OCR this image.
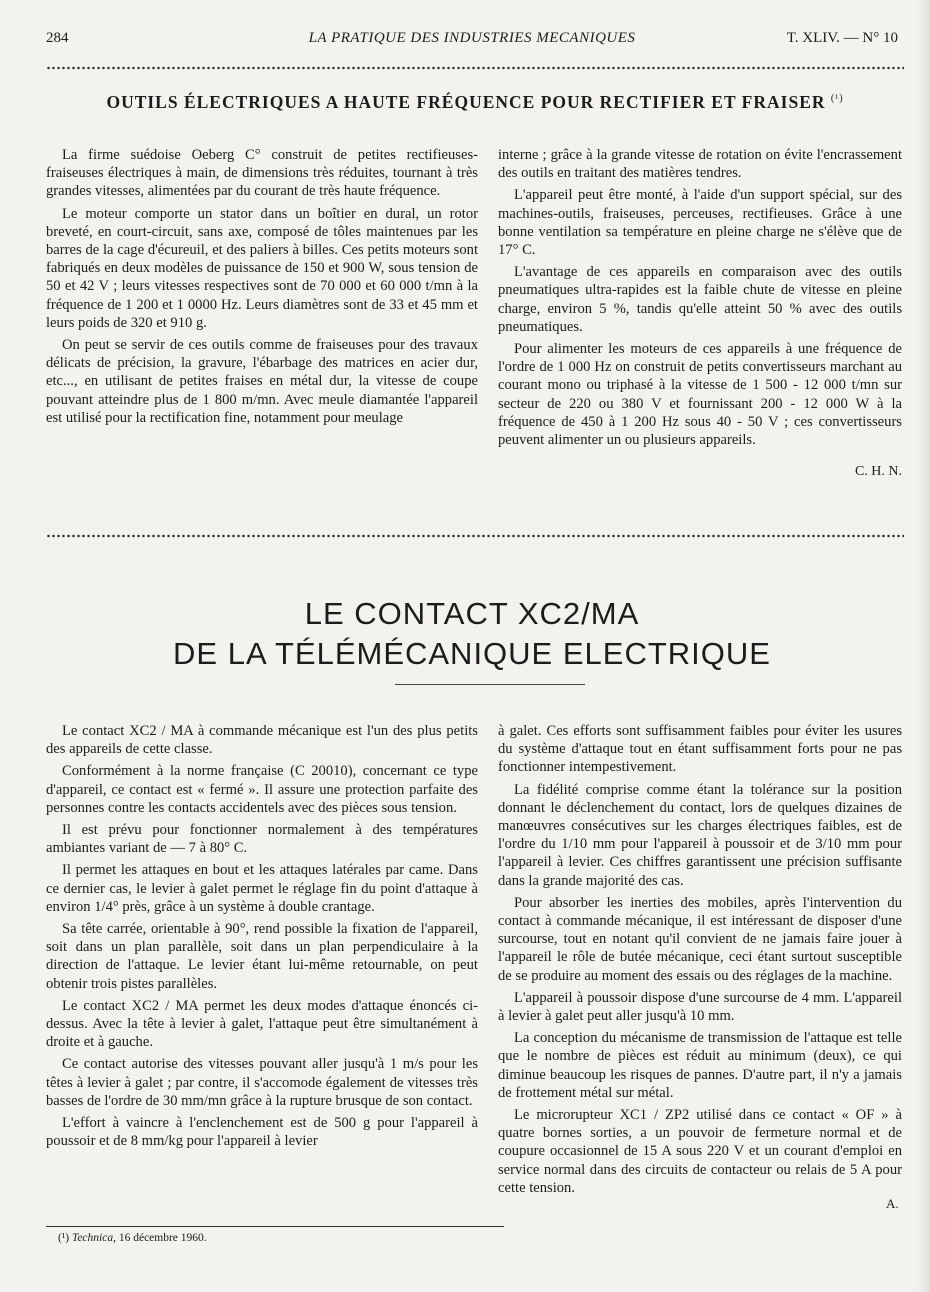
284	LA PRATIQUE DES INDUSTRIES MECANIQUES	T. XLIV. — N° 10
OUTILS ÉLECTRIQUES A HAUTE FRÉQUENCE POUR RECTIFIER ET FRAISER $^{(^1)}$

La firme suédoise Oeberg C° construit de petites rectifieuses-fraiseuses électriques à main, de dimensions très réduites, tournant à très grandes vitesses, alimentées par du courant de très haute fréquence.

Le moteur comporte un stator dans un boîtier en dural, un rotor breveté, en court-circuit, sans axe, composé de tôles maintenues par les barres de la cage d'écureuil, et des paliers à billes. Ces petits moteurs sont fabriqués en deux modèles de puissance de 150 et 900 W, sous tension de 50 et 42 V ; leurs vitesses respectives sont de 70 000 et 60 000 t/mn à la fréquence de 1 200 et 1 0000 Hz. Leurs diamètres sont de 33 et 45 mm et leurs poids de 320 et 910 g.

On peut se servir de ces outils comme de fraiseuses pour des travaux délicats de précision, la gravure, l'ébarbage des matrices en acier dur, etc..., en utilisant de petites fraises en métal dur, la vitesse de coupe pouvant atteindre plus de 1 800 m/mn. Avec meule diamantée l'appareil est utilisé pour la rectification fine, notamment pour meulage

interne ; grâce à la grande vitesse de rotation on évite l'encrassement des outils en traitant des matières tendres.

L'appareil peut être monté, à l'aide d'un support spécial, sur des machines-outils, fraiseuses, perceuses, rectifieuses. Grâce à une bonne ventilation sa température en pleine charge ne s'élève que de 17° C.

L'avantage de ces appareils en comparaison avec des outils pneumatiques ultra-rapides est la faible chute de vitesse en pleine charge, environ 5 %, tandis qu'elle atteint 50 % avec des outils pneumatiques.

Pour alimenter les moteurs de ces appareils à une fréquence de l'ordre de 1 000 Hz on construit de petits convertisseurs marchant au courant mono ou triphasé à la vitesse de 1 500 - 12 000 t/mn sur secteur de 220 ou 380 V et fournissant 200 - 12 000 W à la fréquence de 450 à 1 200 Hz sous 40 - 50 V ; ces convertisseurs peuvent alimenter un ou plusieurs appareils.

C. H. N.
LE CONTACT XC2/MA
DE LA TÉLÉMÉCANIQUE ELECTRIQUE

Le contact XC2 / MA à commande mécanique est l'un des plus petits des appareils de cette classe.

Conformément à la norme française (C 20010), concernant ce type d'appareil, ce contact est « fermé ». Il assure une protection parfaite des personnes contre les contacts accidentels avec des pièces sous tension.

Il est prévu pour fonctionner normalement à des températures ambiantes variant de — 7 à 80° C.

Il permet les attaques en bout et les attaques latérales par came. Dans ce dernier cas, le levier à galet permet le réglage fin du point d'attaque à environ 1/4° près, grâce à un système à double crantage.

Sa tête carrée, orientable à 90°, rend possible la fixation de l'appareil, soit dans un plan parallèle, soit dans un plan perpendiculaire à la direction de l'attaque. Le levier étant lui-même retournable, on peut obtenir trois pistes parallèles.

Le contact XC2 / MA permet les deux modes d'attaque énoncés ci-dessus. Avec la tête à levier à galet, l'attaque peut être simultanément à droite et à gauche.

Ce contact autorise des vitesses pouvant aller jusqu'à 1 m/s pour les têtes à levier à galet ; par contre, il s'accomode également de vitesses très basses de l'ordre de 30 mm/mn grâce à la rupture brusque de son contact.

L'effort à vaincre à l'enclenchement est de 500 g pour l'appareil à poussoir et de 8 mm/kg pour l'appareil à levier

à galet. Ces efforts sont suffisamment faibles pour éviter les usures du système d'attaque tout en étant suffisamment forts pour ne pas fonctionner intempestivement.

La fidélité comprise comme étant la tolérance sur la position donnant le déclenchement du contact, lors de quelques dizaines de manœuvres consécutives sur les charges électriques faibles, est de l'ordre du 1/10 mm pour l'appareil à poussoir et de 3/10 mm pour l'appareil à levier. Ces chiffres garantissent une précision suffisante dans la grande majorité des cas.

Pour absorber les inerties des mobiles, après l'intervention du contact à commande mécanique, il est intéressant de disposer d'une surcourse, tout en notant qu'il convient de ne jamais faire jouer à l'appareil le rôle de butée mécanique, ceci étant surtout susceptible de se produire au moment des essais ou des réglages de la machine.

L'appareil à poussoir dispose d'une surcourse de 4 mm. L'appareil à levier à galet peut aller jusqu'à 10 mm.

La conception du mécanisme de transmission de l'attaque est telle que le nombre de pièces est réduit au minimum (deux), ce qui diminue beaucoup les risques de pannes. D'autre part, il n'y a jamais de frottement métal sur métal.

Le microrupteur XC1 / ZP2 utilisé dans ce contact « OF » à quatre bornes sorties, a un pouvoir de fermeture normal et de coupure occasionnel de 15 A sous 220 V et un courant d'emploi en service normal dans des circuits de contacteur ou relais de 5 A pour cette tension.

A.
(¹) Technica, 16 décembre 1960.
